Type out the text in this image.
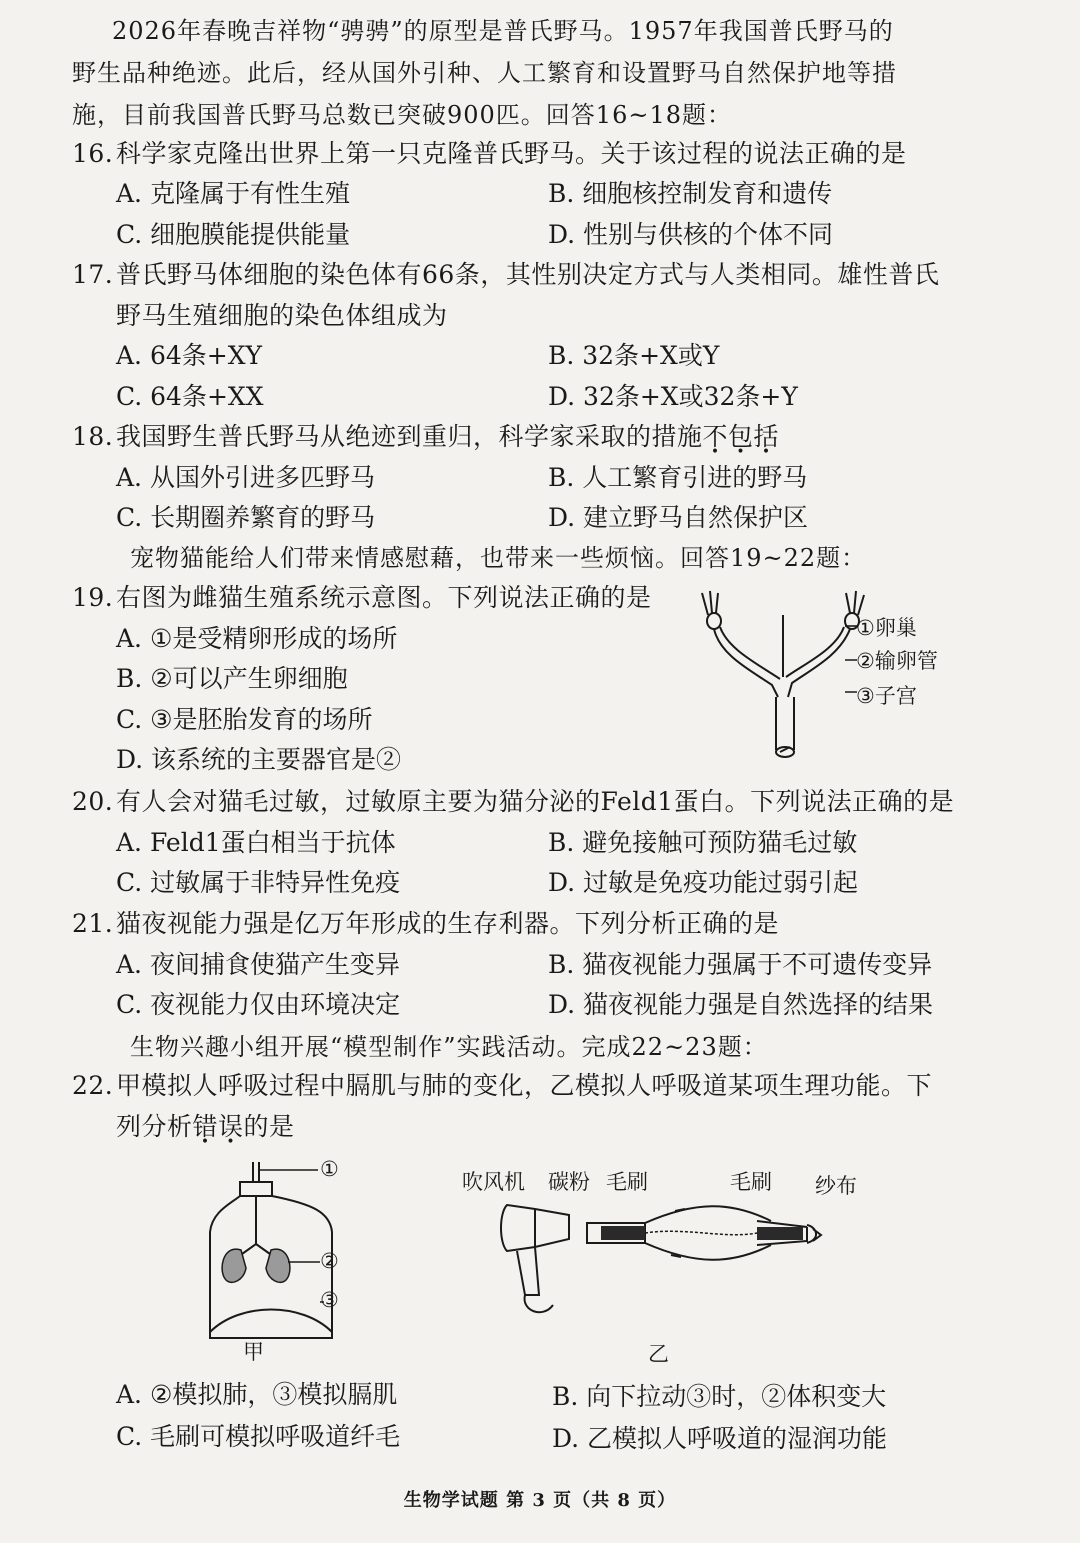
2026年春晚吉祥物“骋骋”的原型是普氏野马。1957年我国普氏野马的
野生品种绝迹。此后，经从国外引种、人工繁育和设置野马自然保护地等措
施，目前我国普氏野马总数已突破900匹。回答16~18题：
16. 科学家克隆出世界上第一只克隆普氏野马。关于该过程的说法正确的是
A. 克隆属于有性生殖	B. 细胞核控制发育和遗传
C. 细胞膜能提供能量	D. 性别与供核的个体不同
17. 普氏野马体细胞的染色体有66条，其性别决定方式与人类相同。雄性普氏
野马生殖细胞的染色体组成为
A. 64条+XY	B. 32条+X或Y
C. 64条+XX	D. 32条+X或32条+Y
18. 我国野生普氏野马从绝迹到重归，科学家采取的措施不包括
A. 从国外引进多匹野马	B. 人工繁育引进的野马
C. 长期圈养繁育的野马	D. 建立野马自然保护区
宠物猫能给人们带来情感慰藉，也带来一些烦恼。回答19~22题：
19. 右图为雌猫生殖系统示意图。下列说法正确的是
A. ①是受精卵形成的场所
B. ②可以产生卵细胞
C. ③是胚胎发育的场所
D. 该系统的主要器官是②
①卵巢
②输卵管
③子宫
20. 有人会对猫毛过敏，过敏原主要为猫分泌的Feld1蛋白。下列说法正确的是
A. Feld1蛋白相当于抗体	B. 避免接触可预防猫毛过敏
C. 过敏属于非特异性免疫	D. 过敏是免疫功能过弱引起
21. 猫夜视能力强是亿万年形成的生存利器。下列分析正确的是
A. 夜间捕食使猫产生变异	B. 猫夜视能力强属于不可遗传变异
C. 夜视能力仅由环境决定	D. 猫夜视能力强是自然选择的结果
生物兴趣小组开展“模型制作”实践活动。完成22~23题：
22. 甲模拟人呼吸过程中膈肌与肺的变化，乙模拟人呼吸道某项生理功能。下
列分析错误的是
①
②
③
甲
吹风机 碳粉 毛刷	毛刷 纱布
乙
A. ②模拟肺，③模拟膈肌	B. 向下拉动③时，②体积变大
C. 毛刷可模拟呼吸道纤毛	D. 乙模拟人呼吸道的湿润功能
生物学试题 第 3 页（共 8 页）
